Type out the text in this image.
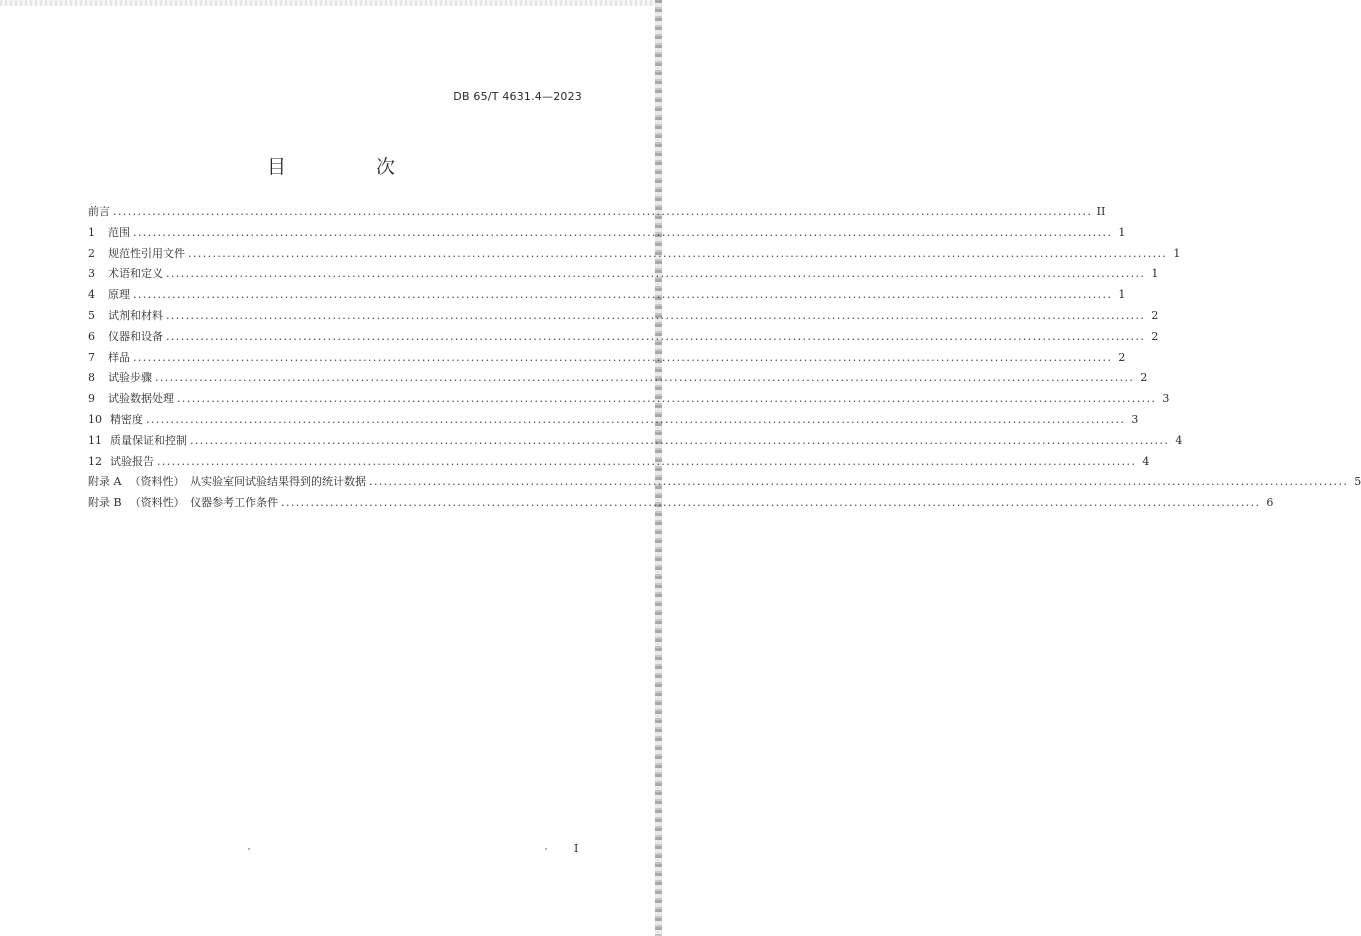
DB 65/T 4631.4—2023
目 次
前言 ........................................................................................................................................................................................................ II
1 范围 ........................................................................................................................................................................................................ 1
2 规范性引用文件 ........................................................................................................................................................................................................ 1
3 术语和定义 ........................................................................................................................................................................................................ 1
4 原理 ........................................................................................................................................................................................................ 1
5 试剂和材料 ........................................................................................................................................................................................................ 2
6 仪器和设备 ........................................................................................................................................................................................................ 2
7 样品 ........................................................................................................................................................................................................ 2
8 试验步骤 ........................................................................................................................................................................................................ 2
9 试验数据处理 ........................................................................................................................................................................................................ 3
10 精密度 ........................................................................................................................................................................................................ 3
11 质量保证和控制 ........................................................................................................................................................................................................ 4
12 试验报告 ........................................................................................................................................................................................................ 4
附录 A （资料性）　从实验室间试验结果得到的统计数据 ........................................................................................................................................................................................................ 5
附录 B （资料性）　仪器参考工作条件 ........................................................................................................................................................................................................ 6
I
